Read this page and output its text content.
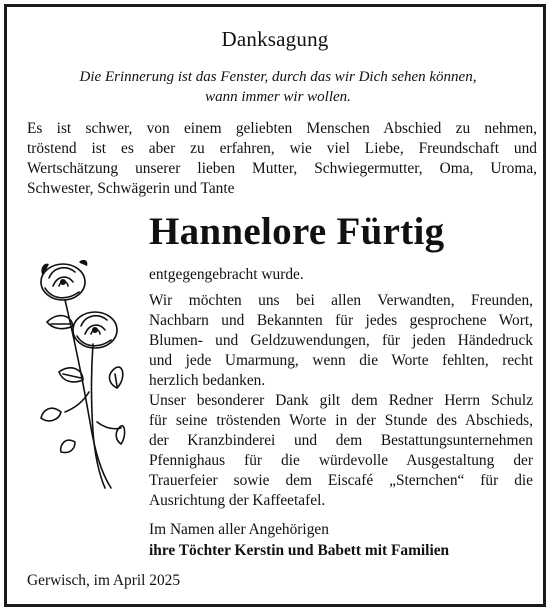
Danksagung
Die Erinnerung ist das Fenster, durch das wir Dich sehen können,
wann immer wir wollen.
Es ist schwer, von einem geliebten Menschen Abschied zu nehmen,
tröstend ist es aber zu erfahren, wie viel Liebe, Freundschaft und
Wertschätzung unserer lieben Mutter, Schwiegermutter, Oma, Uroma,
Schwester, Schwägerin und Tante
Hannelore Fürtig
entgegengebracht wurde.
Wir möchten uns bei allen Verwandten, Freunden,
Nachbarn und Bekannten für jedes gesprochene Wort,
Blumen- und Geldzuwendungen, für jeden Händedruck
und jede Umarmung, wenn die Worte fehlten, recht
herzlich bedanken.
Unser besonderer Dank gilt dem Redner Herrn Schulz
für seine tröstenden Worte in der Stunde des Abschieds,
der Kranzbinderei und dem Bestattungsunternehmen
Pfennighaus für die würdevolle Ausgestaltung der
Trauerfeier sowie dem Eiscafé „Sternchen“ für die
Ausrichtung der Kaffeetafel.
Im Namen aller Angehörigen
ihre Töchter Kerstin und Babett mit Familien
Gerwisch, im April 2025
